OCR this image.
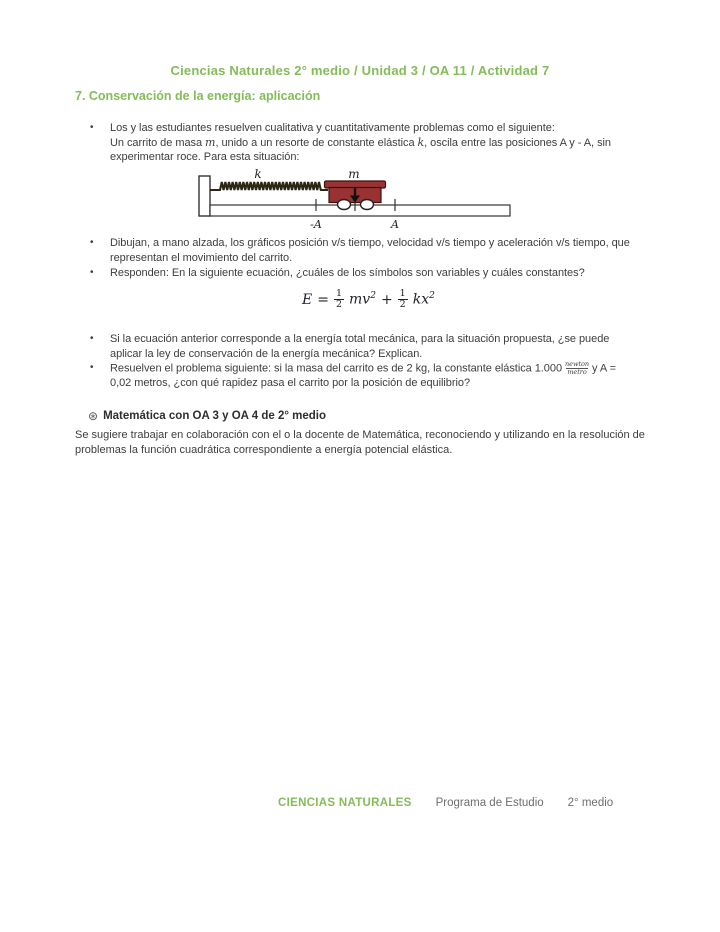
Ciencias Naturales 2° medio / Unidad 3 / OA 11 / Actividad 7
7. Conservación de la energía: aplicación
•	Los y las estudiantes resuelven cualitativa y cuantitativamente problemas como el siguiente:
Un carrito de masa m, unido a un resorte de constante elástica k, oscila entre las posiciones A y - A, sin experimentar roce. Para esta situación:
k	m
-A	A
•	Dibujan, a mano alzada, los gráficos posición v/s tiempo, velocidad v/s tiempo y aceleración v/s tiempo, que representan el movimiento del carrito.
•	Responden: En la siguiente ecuación, ¿cuáles de los símbolos son variables y cuáles constantes?
$E = \frac{1}{2} mv^2 + \frac{1}{2} kx^2$
•	Si la ecuación anterior corresponde a la energía total mecánica, para la situación propuesta, ¿se puede aplicar la ley de conservación de la energía mecánica? Explican.
•	Resuelven el problema siguiente: si la masa del carrito es de 2 kg, la constante elástica $1.000 \frac{\text{newton}}{\text{metro}}$ y A = 0,02 metros, ¿con qué rapidez pasa el carrito por la posición de equilibrio?
⊛ Matemática con OA 3 y OA 4 de 2° medio
Se sugiere trabajar en colaboración con el o la docente de Matemática, reconociendo y utilizando en la resolución de problemas la función cuadrática correspondiente a energía potencial elástica.
CIENCIAS NATURALES Programa de Estudio 2° medio
